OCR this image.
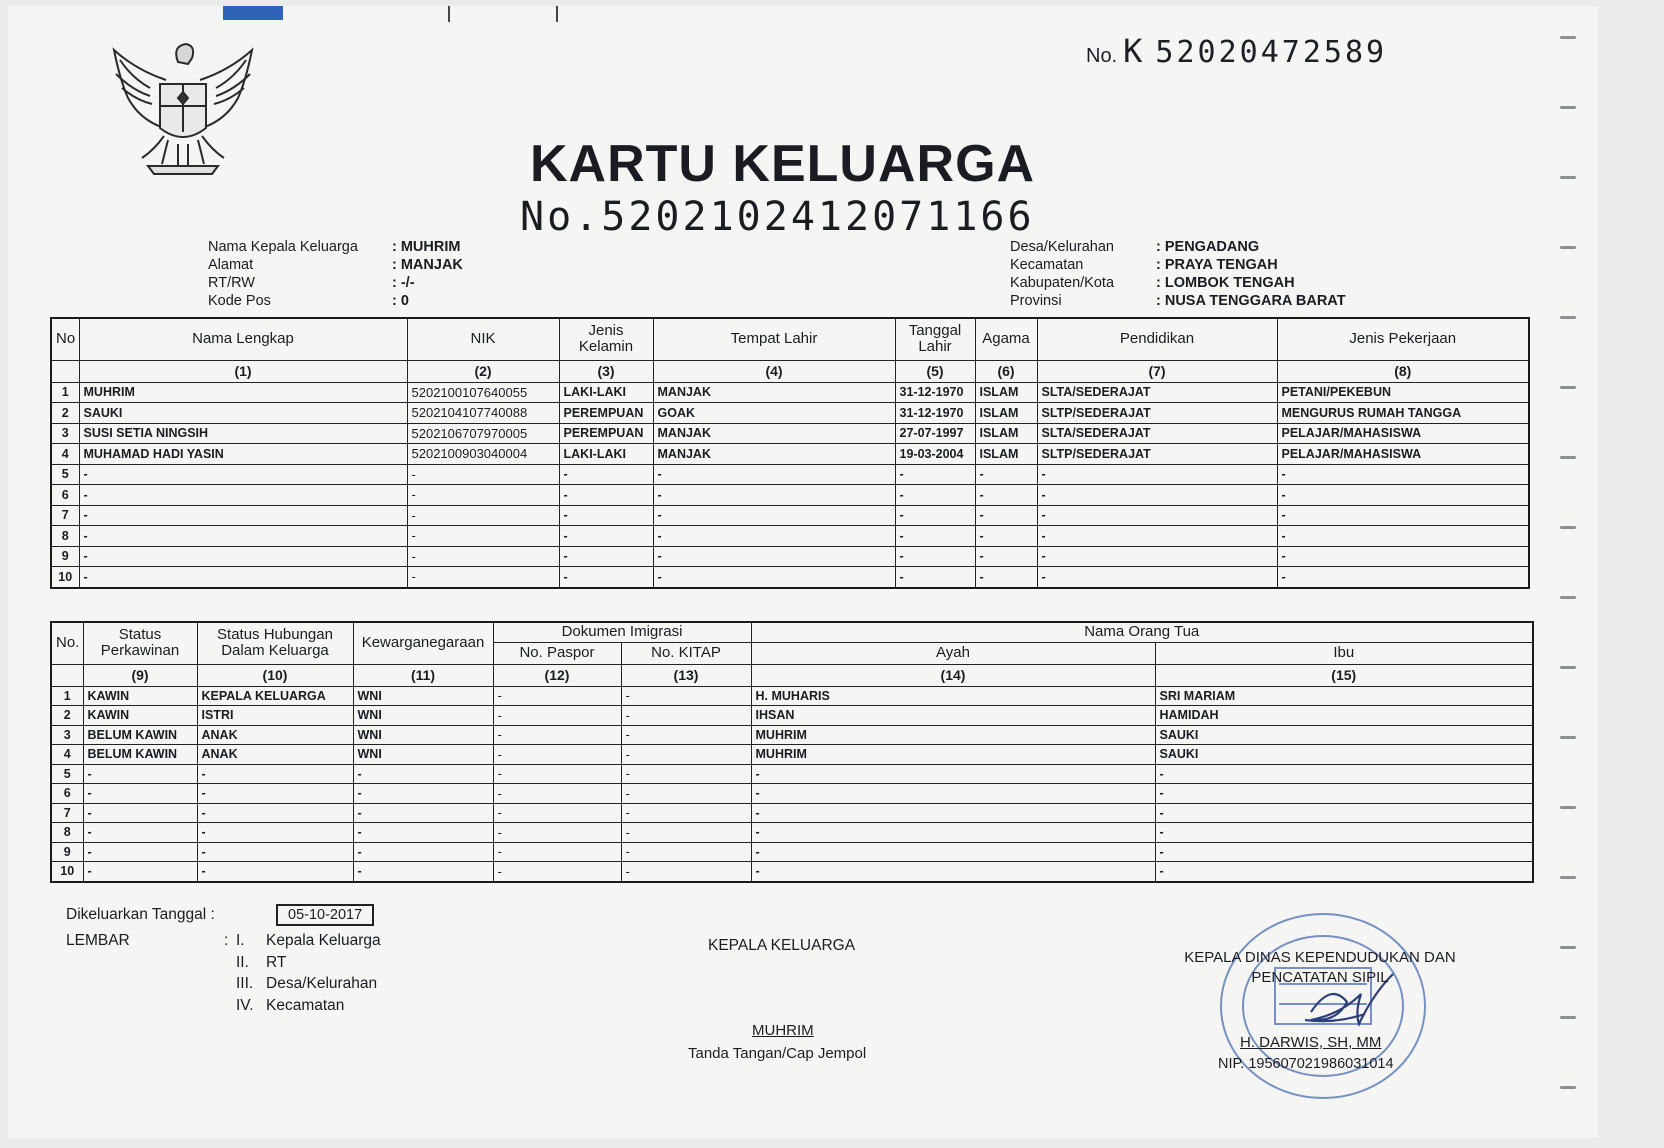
No. K 52020472589
KARTU KELUARGA
No.5202102412071166
Nama Kepala Keluarga	: MUHRIM
Alamat	: MANJAK
RT/RW	: -/-
Kode Pos	: 0
Desa/Kelurahan	: PENGADANG
Kecamatan	: PRAYA TENGAH
Kabupaten/Kota	: LOMBOK TENGAH
Provinsi	: NUSA TENGGARA BARAT
No	Nama Lengkap	NIK	Jenis Kelamin	Tempat Lahir	Tanggal Lahir	Agama	Pendidikan	Jenis Pekerjaan
	(1)	(2)	(3)	(4)	(5)	(6)	(7)	(8)
1	MUHRIM	5202100107640055	LAKI-LAKI	MANJAK	31-12-1970	ISLAM	SLTA/SEDERAJAT	PETANI/PEKEBUN
2	SAUKI	5202104107740088	PEREMPUAN	GOAK	31-12-1970	ISLAM	SLTP/SEDERAJAT	MENGURUS RUMAH TANGGA
3	SUSI SETIA NINGSIH	5202106707970005	PEREMPUAN	MANJAK	27-07-1997	ISLAM	SLTA/SEDERAJAT	PELAJAR/MAHASISWA
4	MUHAMAD HADI YASIN	5202100903040004	LAKI-LAKI	MANJAK	19-03-2004	ISLAM	SLTP/SEDERAJAT	PELAJAR/MAHASISWA
5	-	-	-	-	-	-	-	-
6	-	-	-	-	-	-	-	-
7	-	-	-	-	-	-	-	-
8	-	-	-	-	-	-	-	-
9	-	-	-	-	-	-	-	-
10	-	-	-	-	-	-	-	-
No.	Status Perkawinan	Status Hubungan Dalam Keluarga	Kewarganegaraan	Dokumen Imigrasi		Nama Orang Tua	
				No. Paspor	No. KITAP	Ayah	Ibu
	(9)	(10)	(11)	(12)	(13)	(14)	(15)
1	KAWIN	KEPALA KELUARGA	WNI	-	-	H. MUHARIS	SRI MARIAM
2	KAWIN	ISTRI	WNI	-	-	IHSAN	HAMIDAH
3	BELUM KAWIN	ANAK	WNI	-	-	MUHRIM	SAUKI
4	BELUM KAWIN	ANAK	WNI	-	-	MUHRIM	SAUKI
5	-	-	-	-	-	-	-
6	-	-	-	-	-	-	-
7	-	-	-	-	-	-	-
8	-	-	-	-	-	-	-
9	-	-	-	-	-	-	-
10	-	-	-	-	-	-	-
Dikeluarkan Tanggal :	05-10-2017
LEMBAR	: I.	Kepala Keluarga
II.	RT
III. Desa/Kelurahan
IV. Kecamatan
KEPALA KELUARGA
MUHRIM
Tanda Tangan/Cap Jempol
KEPALA DINAS KEPENDUDUKAN DAN
PENCATATAN SIPIL
H. DARWIS, SH, MM
NIP. 195607021986031014
